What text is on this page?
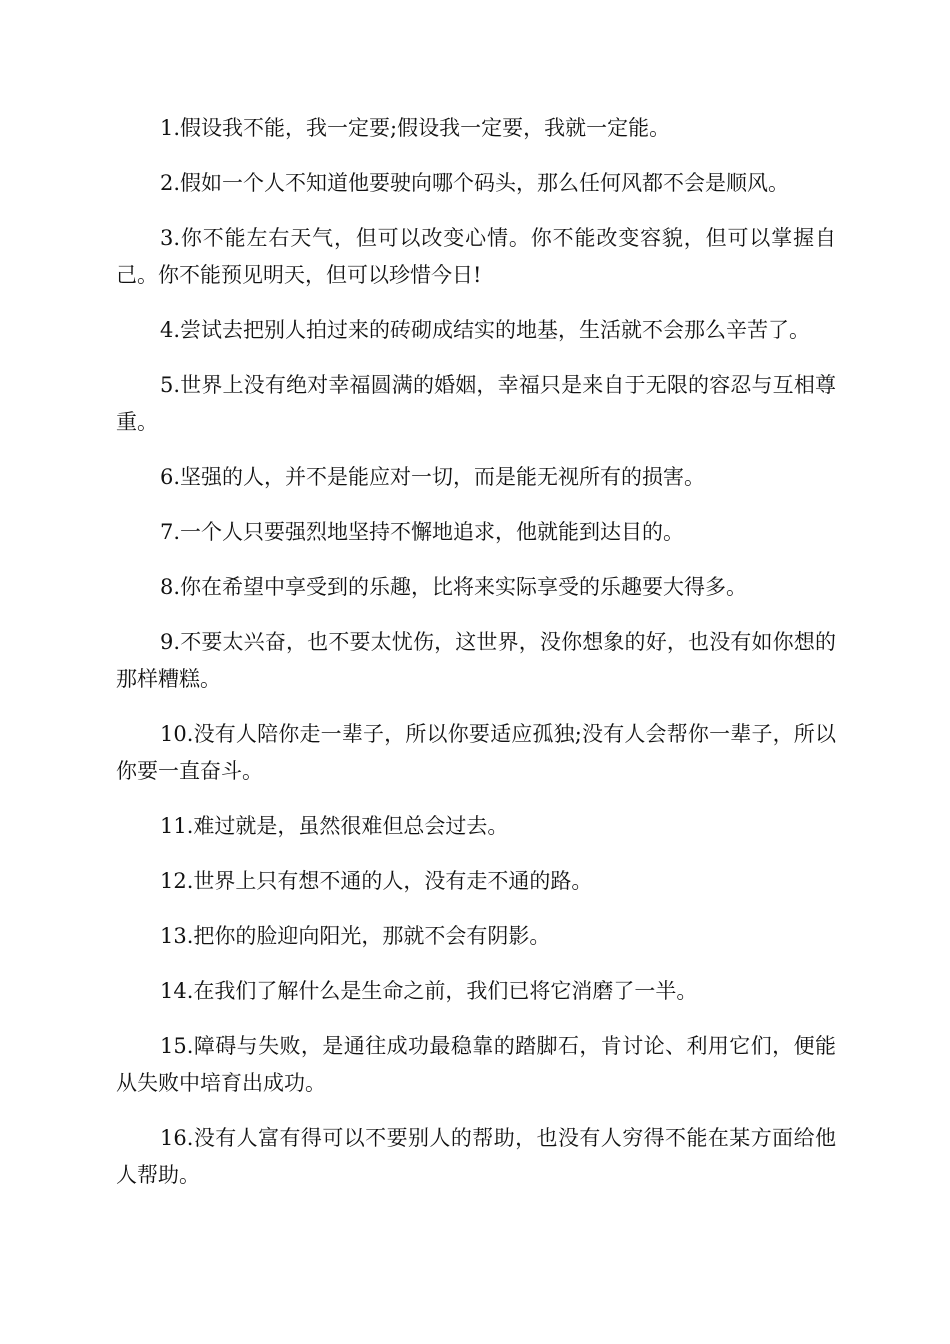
1.假设我不能，我一定要;假设我一定要，我就一定能。

2.假如一个人不知道他要驶向哪个码头，那么任何风都不会是顺风。

3.你不能左右天气，但可以改变心情。你不能改变容貌，但可以掌握自己。你不能预见明天，但可以珍惜今日!

4.尝试去把别人拍过来的砖砌成结实的地基，生活就不会那么辛苦了。

5.世界上没有绝对幸福圆满的婚姻，幸福只是来自于无限的容忍与互相尊重。

6.坚强的人，并不是能应对一切，而是能无视所有的损害。

7.一个人只要强烈地坚持不懈地追求，他就能到达目的。

8.你在希望中享受到的乐趣，比将来实际享受的乐趣要大得多。

9.不要太兴奋，也不要太忧伤，这世界，没你想象的好，也没有如你想的那样糟糕。

10.没有人陪你走一辈子，所以你要适应孤独;没有人会帮你一辈子，所以你要一直奋斗。

11.难过就是，虽然很难但总会过去。

12.世界上只有想不通的人，没有走不通的路。

13.把你的脸迎向阳光，那就不会有阴影。

14.在我们了解什么是生命之前，我们已将它消磨了一半。

15.障碍与失败，是通往成功最稳靠的踏脚石，肯讨论、利用它们，便能从失败中培育出成功。

16.没有人富有得可以不要别人的帮助，也没有人穷得不能在某方面给他人帮助。
